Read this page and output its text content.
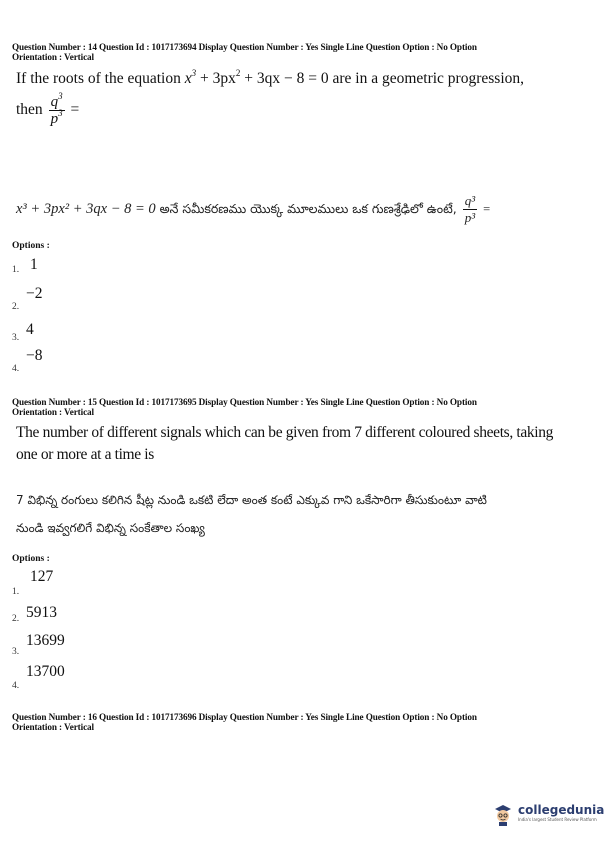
Question Number : 14 Question Id : 1017173694 Display Question Number : Yes Single Line Question Option : No Option
Orientation : Vertical
If the roots of the equation $x^3 + 3px^2 + 3qx - 8 = 0$ are in a geometric progression,
then $\frac{q^3}{p^3}$ =
x³ + 3px² + 3qx − 8 = 0 అనే సమీకరణము యొక్క మూలములు ఒక గుణశ్రేఢిలో ఉంటే, $\frac{\text{q³}}{\text{p³}}$ =
Options :
1. 1
2.
−2
3. 4
4.
−8
Question Number : 15 Question Id : 1017173695 Display Question Number : Yes Single Line Question Option : No Option
Orientation : Vertical
The number of different signals which can be given from 7 different coloured sheets, taking
one or more at a time is
7 విభిన్న రంగులు కలిగిన షీట్ల నుండి ఒకటి లేదా అంత కంటే ఎక్కువ గాని ఒకేసారిగా తీసుకుంటూ వాటి
నుండి ఇవ్వగలిగే విభిన్న సంకేతాల సంఖ్య
Options :
1.
127
2. 5913
3.
13699
4.
13700
Question Number : 16 Question Id : 1017173696 Display Question Number : Yes Single Line Question Option : No Option
Orientation : Vertical
collegedunia
India's largest Student Review Platform
